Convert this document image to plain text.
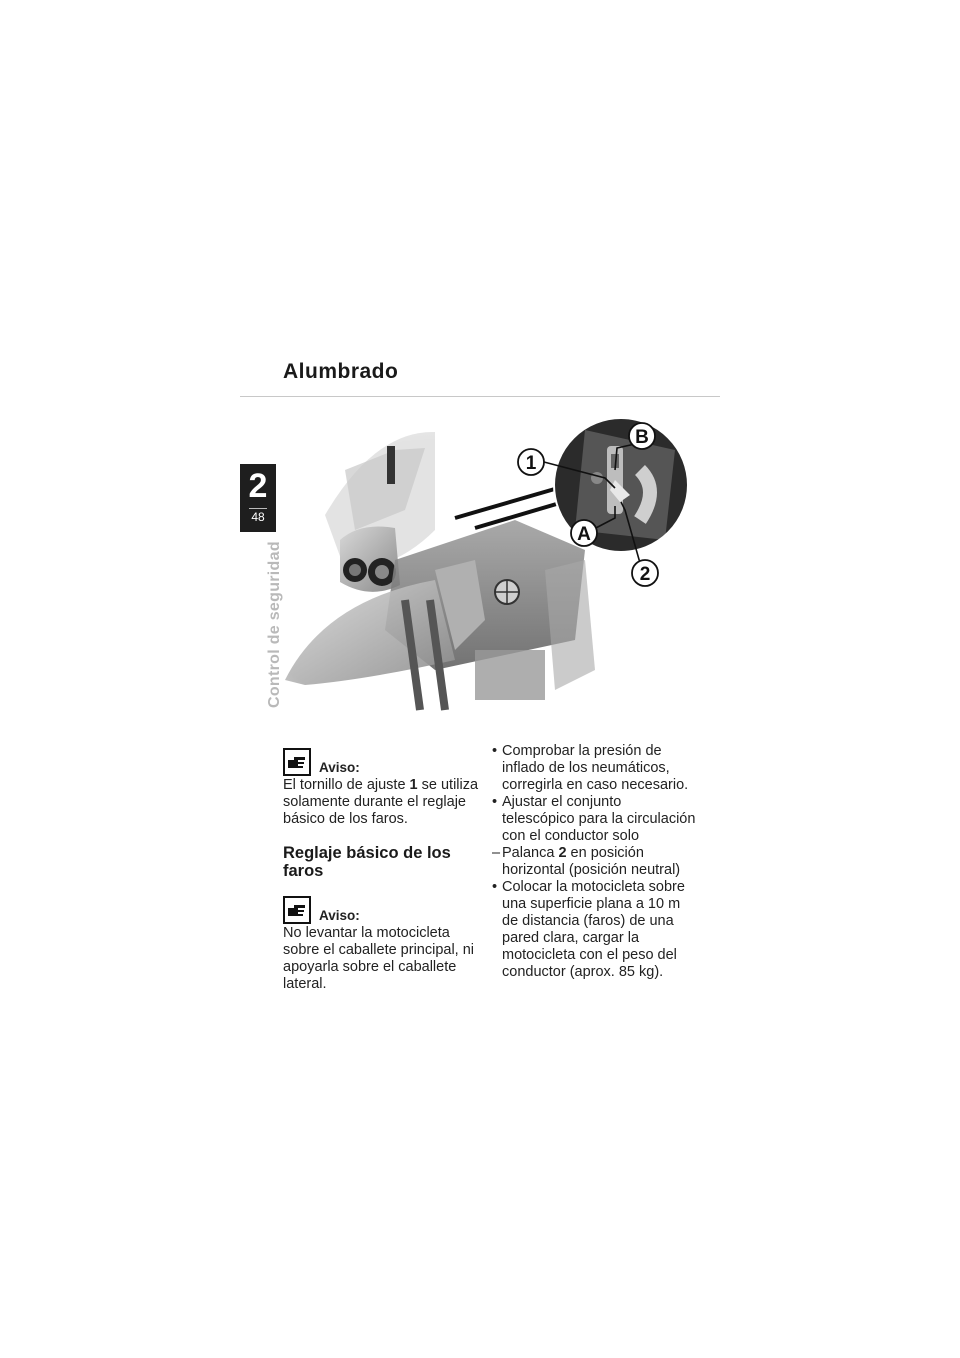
Alumbrado
2
48
Control de seguridad
B
1
A
2
Aviso:

El tornillo de ajuste 1 se utiliza solamente durante el reglaje básico de los faros.

Reglaje básico de los faros
Aviso:

No levantar la motocicleta sobre el caballete principal, ni apoyarla sobre el caballete lateral.

• Comprobar la presión de inflado de los neumáticos, corregirla en caso necesario.
• Ajustar el conjunto telescópico para la circulación con el conductor solo
– Palanca 2 en posición horizontal (posición neutral)
• Colocar la motocicleta sobre una superficie plana a 10 m de distancia (faros) de una pared clara, cargar la motocicleta con el peso del conductor (aprox. 85 kg).
